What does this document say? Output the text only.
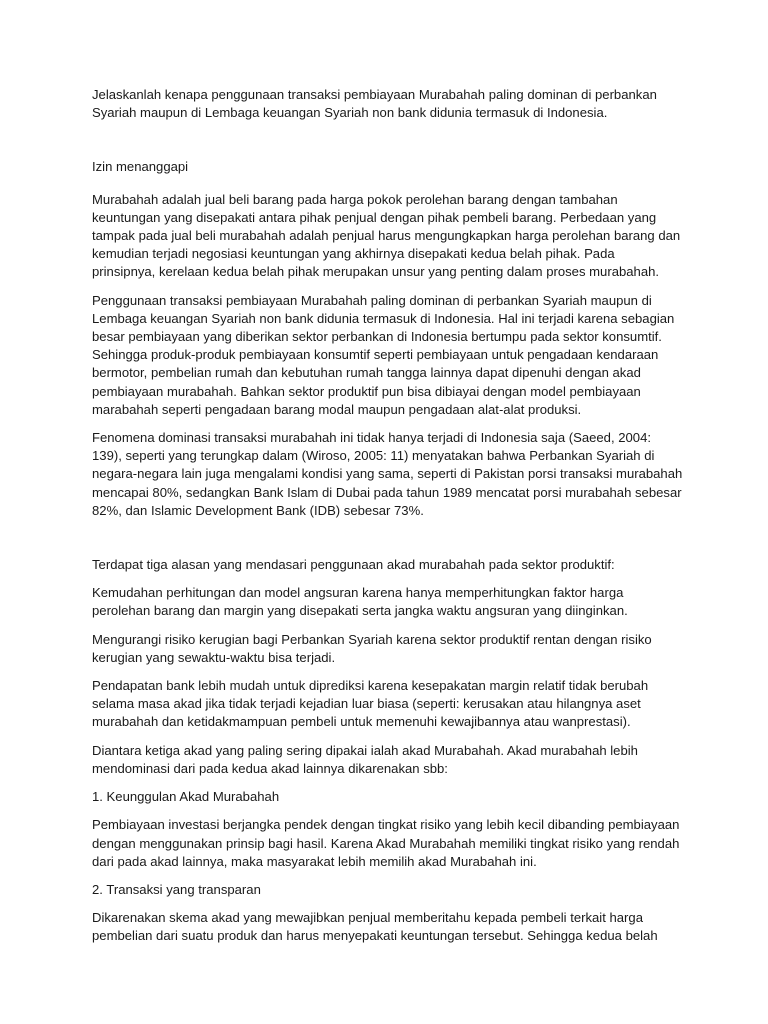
Jelaskanlah kenapa penggunaan transaksi pembiayaan Murabahah paling dominan di perbankan
Syariah maupun di Lembaga keuangan Syariah non bank didunia termasuk di Indonesia.

Izin menanggapi

Murabahah adalah jual beli barang pada harga pokok perolehan barang dengan tambahan
keuntungan yang disepakati antara pihak penjual dengan pihak pembeli barang. Perbedaan yang
tampak pada jual beli murabahah adalah penjual harus mengungkapkan harga perolehan barang dan
kemudian terjadi negosiasi keuntungan yang akhirnya disepakati kedua belah pihak. Pada
prinsipnya, kerelaan kedua belah pihak merupakan unsur yang penting dalam proses murabahah.

Penggunaan transaksi pembiayaan Murabahah paling dominan di perbankan Syariah maupun di
Lembaga keuangan Syariah non bank didunia termasuk di Indonesia. Hal ini terjadi karena sebagian
besar pembiayaan yang diberikan sektor perbankan di Indonesia bertumpu pada sektor konsumtif.
Sehingga produk-produk pembiayaan konsumtif seperti pembiayaan untuk pengadaan kendaraan
bermotor, pembelian rumah dan kebutuhan rumah tangga lainnya dapat dipenuhi dengan akad
pembiayaan murabahah. Bahkan sektor produktif pun bisa dibiayai dengan model pembiayaan
marabahah seperti pengadaan barang modal maupun pengadaan alat-alat produksi.

Fenomena dominasi transaksi murabahah ini tidak hanya terjadi di Indonesia saja (Saeed, 2004:
139), seperti yang terungkap dalam (Wiroso, 2005: 11) menyatakan bahwa Perbankan Syariah di
negara-negara lain juga mengalami kondisi yang sama, seperti di Pakistan porsi transaksi murabahah
mencapai 80%, sedangkan Bank Islam di Dubai pada tahun 1989 mencatat porsi murabahah sebesar
82%, dan Islamic Development Bank (IDB) sebesar 73%.

Terdapat tiga alasan yang mendasari penggunaan akad murabahah pada sektor produktif:

Kemudahan perhitungan dan model angsuran karena hanya memperhitungkan faktor harga
perolehan barang dan margin yang disepakati serta jangka waktu angsuran yang diinginkan.

Mengurangi risiko kerugian bagi Perbankan Syariah karena sektor produktif rentan dengan risiko
kerugian yang sewaktu-waktu bisa terjadi.

Pendapatan bank lebih mudah untuk diprediksi karena kesepakatan margin relatif tidak berubah
selama masa akad jika tidak terjadi kejadian luar biasa (seperti: kerusakan atau hilangnya aset
murabahah dan ketidakmampuan pembeli untuk memenuhi kewajibannya atau wanprestasi).

Diantara ketiga akad yang paling sering dipakai ialah akad Murabahah. Akad murabahah lebih
mendominasi dari pada kedua akad lainnya dikarenakan sbb:

1. Keunggulan Akad Murabahah

Pembiayaan investasi berjangka pendek dengan tingkat risiko yang lebih kecil dibanding pembiayaan
dengan menggunakan prinsip bagi hasil. Karena Akad Murabahah memiliki tingkat risiko yang rendah
dari pada akad lainnya, maka masyarakat lebih memilih akad Murabahah ini.

2. Transaksi yang transparan

Dikarenakan skema akad yang mewajibkan penjual memberitahu kepada pembeli terkait harga
pembelian dari suatu produk dan harus menyepakati keuntungan tersebut. Sehingga kedua belah
